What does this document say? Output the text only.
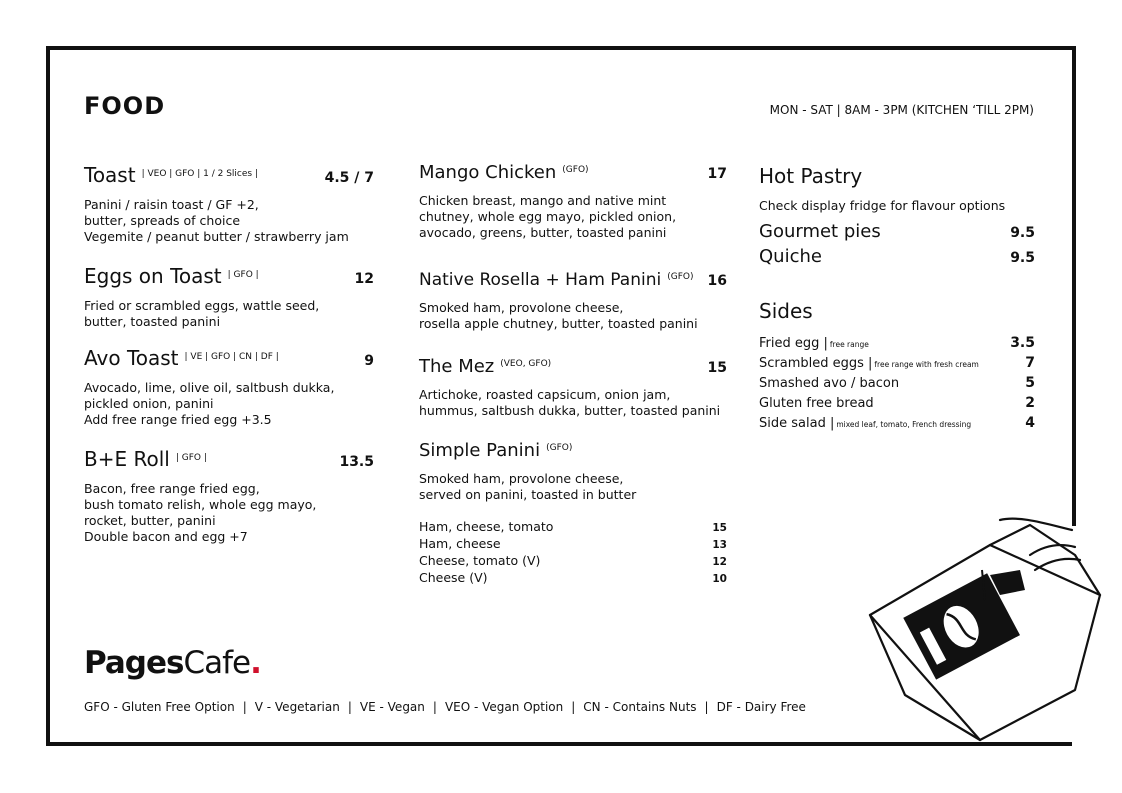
FOOD	MON - SAT | 8AM - 3PM (KITCHEN ‘TILL 2PM)
Toast $^{| VEO | GFO | 1 / 2 Slices |}$	4.5 / 7
Panini / raisin toast / GF +2,
butter, spreads of choice
Vegemite / peanut butter / strawberry jam
Eggs on Toast $^{| GFO |}$	12
Fried or scrambled eggs, wattle seed,
butter, toasted panini
Avo Toast $^{| VE | GFO | CN | DF |}$	9
Avocado, lime, olive oil, saltbush dukka,
pickled onion, panini
Add free range fried egg +3.5
B+E Roll $^{| GFO |}$	13.5
Bacon, free range fried egg,
bush tomato relish, whole egg mayo,
rocket, butter, panini
Double bacon and egg +7
Mango Chicken $^{(GFO)}$	17
Chicken breast, mango and native mint
chutney, whole egg mayo, pickled onion,
avocado, greens, butter, toasted panini
Native Rosella + Ham Panini $^{(GFO)}$ 16
Smoked ham, provolone cheese,
rosella apple chutney, butter, toasted panini
The Mez $^{(VEO, GFO)}$	15
Artichoke, roasted capsicum, onion jam,
hummus, saltbush dukka, butter, toasted panini
Simple Panini $^{(GFO)}$
Smoked ham, provolone cheese,
served on panini, toasted in butter
Ham, cheese, tomato	15
Ham, cheese	13
Cheese, tomato (V)	12
Cheese (V)	10
Hot Pastry
Check display fridge for flavour options
Gourmet pies	9.5
Quiche	9.5
Sides
Fried egg | free range	3.5
Scrambled eggs | free range with fresh cream	7
Smashed avo / bacon	5
Gluten free bread	2
Side salad | mixed leaf, tomato, French dressing	4
PagesCafe.
GFO - Gluten Free Option | V - Vegetarian | VE - Vegan | VEO - Vegan Option | CN - Contains Nuts | DF - Dairy Free
